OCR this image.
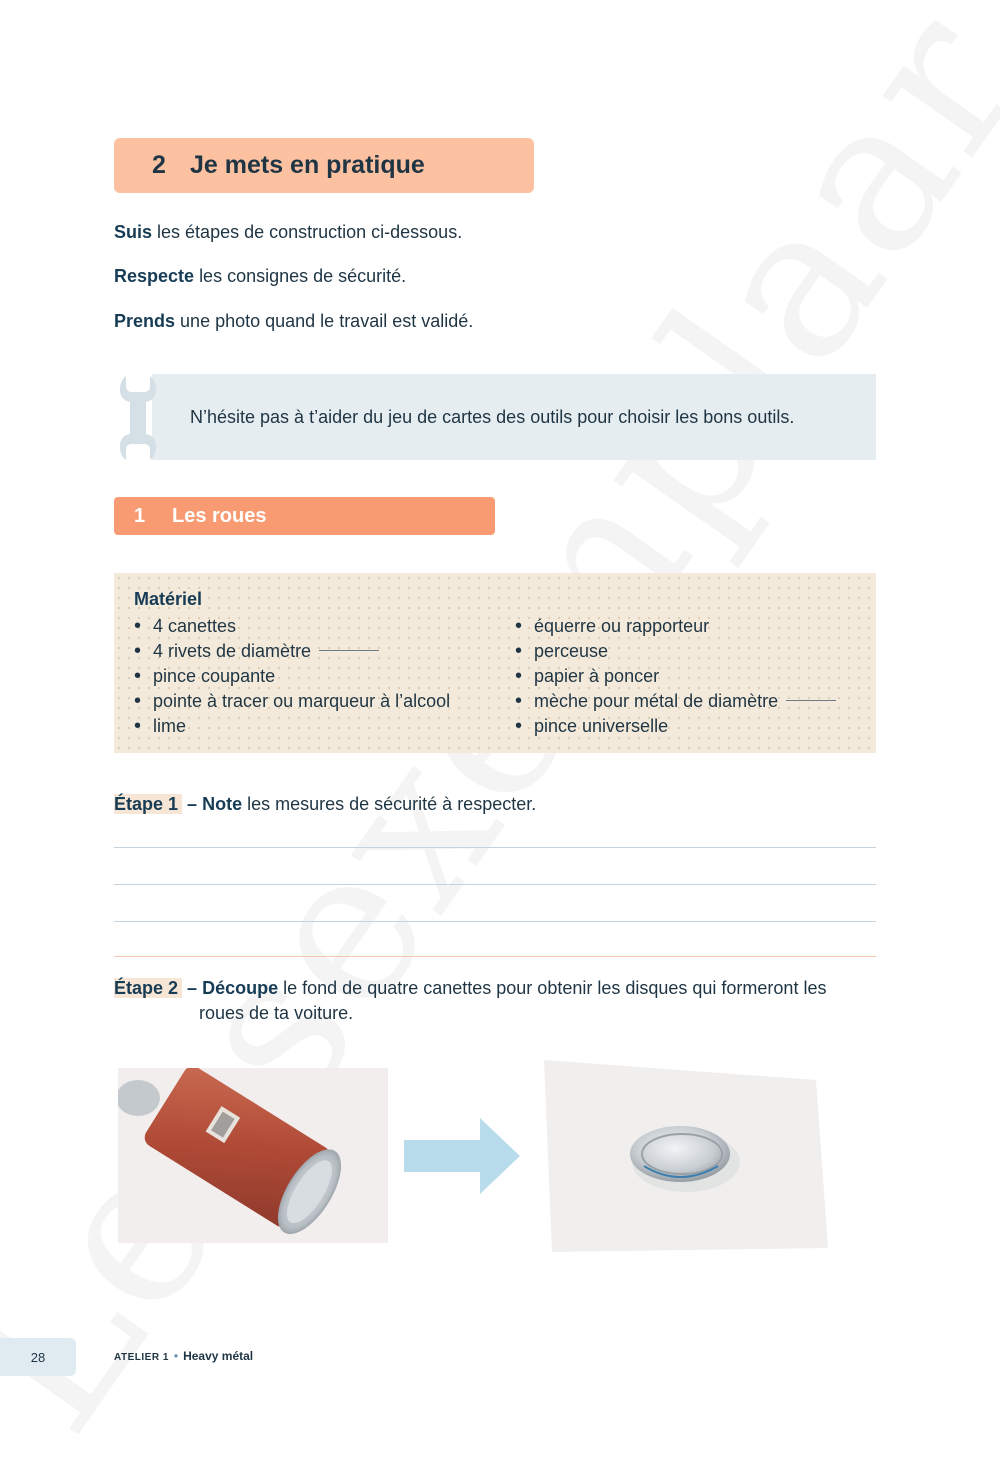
2 Je mets en pratique
Suis les étapes de construction ci-dessous.
Respecte les consignes de sécurité.
Prends une photo quand le travail est validé.
N’hésite pas à t’aider du jeu de cartes des outils pour choisir les bons outils.
1	Les roues
Matériel
• 4 canettes
• 4 rivets de diamètre
• pince coupante
• pointe à tracer ou marqueur à l’alcool
• lime
• équerre ou rapporteur
• perceuse
• papier à poncer
• mèche pour métal de diamètre
• pince universelle
Étape 1 – Note les mesures de sécurité à respecter.
Étape 2 – Découpe le fond de quatre canettes pour obtenir les disques qui formeront les
roues de ta voiture.
28	ATELIER 1 • Heavy métal
